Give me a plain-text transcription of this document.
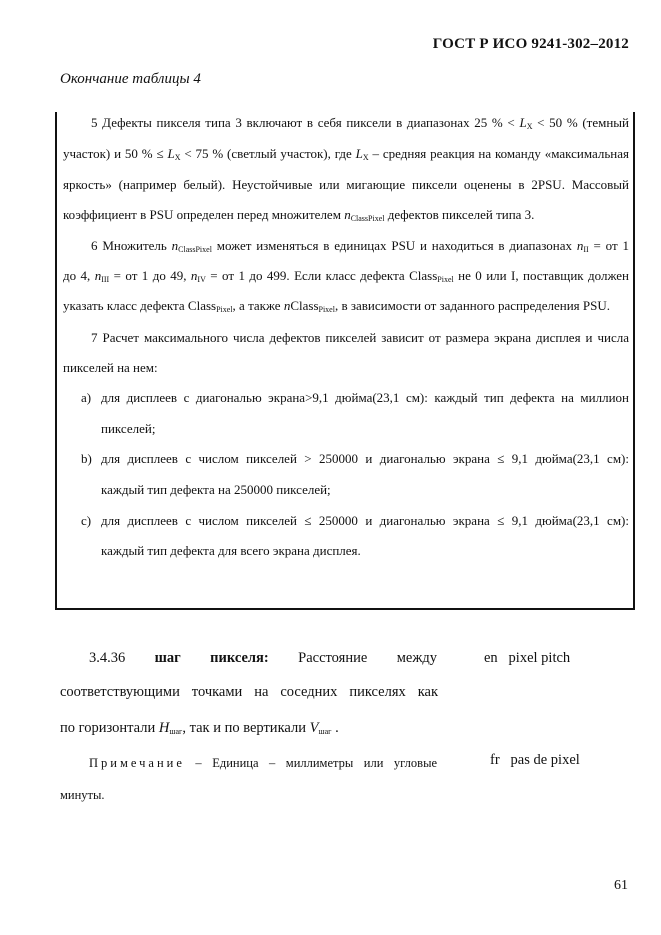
ГОСТ Р ИСО 9241-302–2012
Окончание таблицы 4
5 Дефекты пикселя типа 3 включают в себя пиксели в диапазонах 25 % < $L_X < 50$ % (темный
участок) и 50 % ≤ $L_X < 75$ % (светлый участок), где $L_X$ – средняя реакция на команду «максимальная
яркость» (например белый). Неустойчивые или мигающие пиксели оценены в 2PSU. Массовый
коэффициент в PSU определен перед множителем $n_{ClassPixel}$ дефектов пикселей типа 3.
6 Множитель $n_{ClassPixel}$ может изменяться в единицах PSU и находиться в диапазонах $n_{II}$ = от 1
до 4, $n_{III}$ = от 1 до 49, $n_{IV}$ = от 1 до 499. Если класс дефекта Class$_{Pixel}$ не 0 или I, поставщик должен
указать класс дефекта Class$_{Pixel}$, а также nClass$_{Pixel}$, в зависимости от заданного распределения PSU.
7 Расчет максимального числа дефектов пикселей зависит от размера экрана дисплея и числа
пикселей на нем:
a) для дисплеев с диагональю экрана>9,1 дюйма(23,1 см): каждый тип дефекта на миллион
пикселей;
b) для дисплеев с числом пикселей > 250000 и диагональю экрана ≤ 9,1 дюйма(23,1 см):
каждый тип дефекта на 250000 пикселей;
c) для дисплеев с числом пикселей ≤ 250000 и диагональю экрана ≤ 9,1 дюйма(23,1 см):
каждый тип дефекта для всего экрана дисплея.
3.4.36 шаг пикселя: Расстояние между
соответствующими точками на соседних пикселях как
по горизонтали $H_{шаг}$, так и по вертикали $V_{шаг}$ .
en   pixel pitch
fr   pas de pixel
Примечание – Единица – миллиметры или угловые
минуты.
61
